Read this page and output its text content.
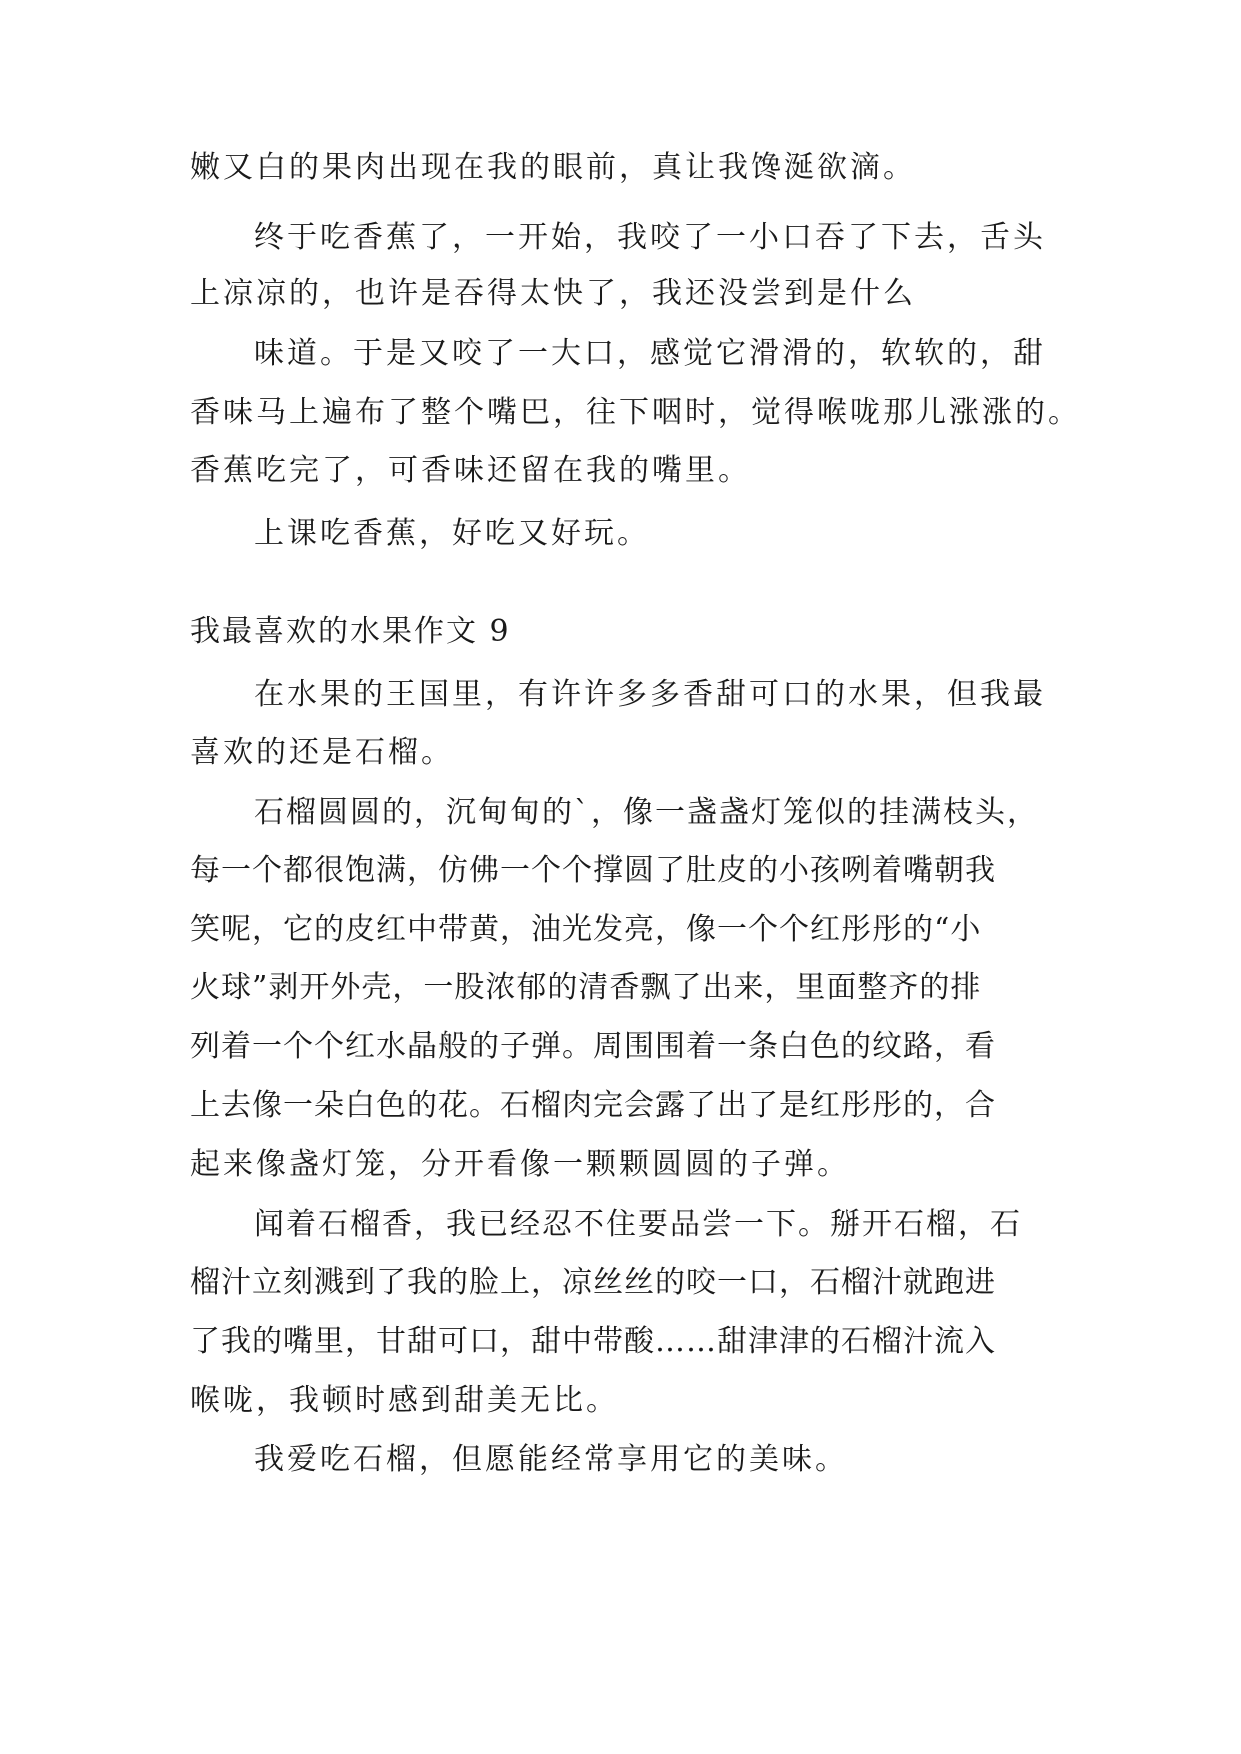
嫩又白的果肉出现在我的眼前，真让我馋涎欲滴。
终于吃香蕉了，一开始，我咬了一小口吞了下去，舌头
上凉凉的，也许是吞得太快了，我还没尝到是什么
味道。于是又咬了一大口，感觉它滑滑的，软软的，甜
香味马上遍布了整个嘴巴，往下咽时，觉得喉咙那儿涨涨的。
香蕉吃完了，可香味还留在我的嘴里。
上课吃香蕉，好吃又好玩。
我最喜欢的水果作文 9
在水果的王国里，有许许多多香甜可口的水果，但我最
喜欢的还是石榴。
石榴圆圆的，沉甸甸的`，像一盏盏灯笼似的挂满枝头，
每一个都很饱满，仿佛一个个撑圆了肚皮的小孩咧着嘴朝我
笑呢，它的皮红中带黄，油光发亮，像一个个红彤彤的“小
火球”剥开外壳，一股浓郁的清香飘了出来，里面整齐的排
列着一个个红水晶般的子弹。周围围着一条白色的纹路，看
上去像一朵白色的花。石榴肉完会露了出了是红彤彤的，合
起来像盏灯笼，分开看像一颗颗圆圆的子弹。
闻着石榴香，我已经忍不住要品尝一下。掰开石榴，石
榴汁立刻溅到了我的脸上，凉丝丝的咬一口，石榴汁就跑进
了我的嘴里，甘甜可口，甜中带酸……甜津津的石榴汁流入
喉咙，我顿时感到甜美无比。
我爱吃石榴，但愿能经常享用它的美味。
